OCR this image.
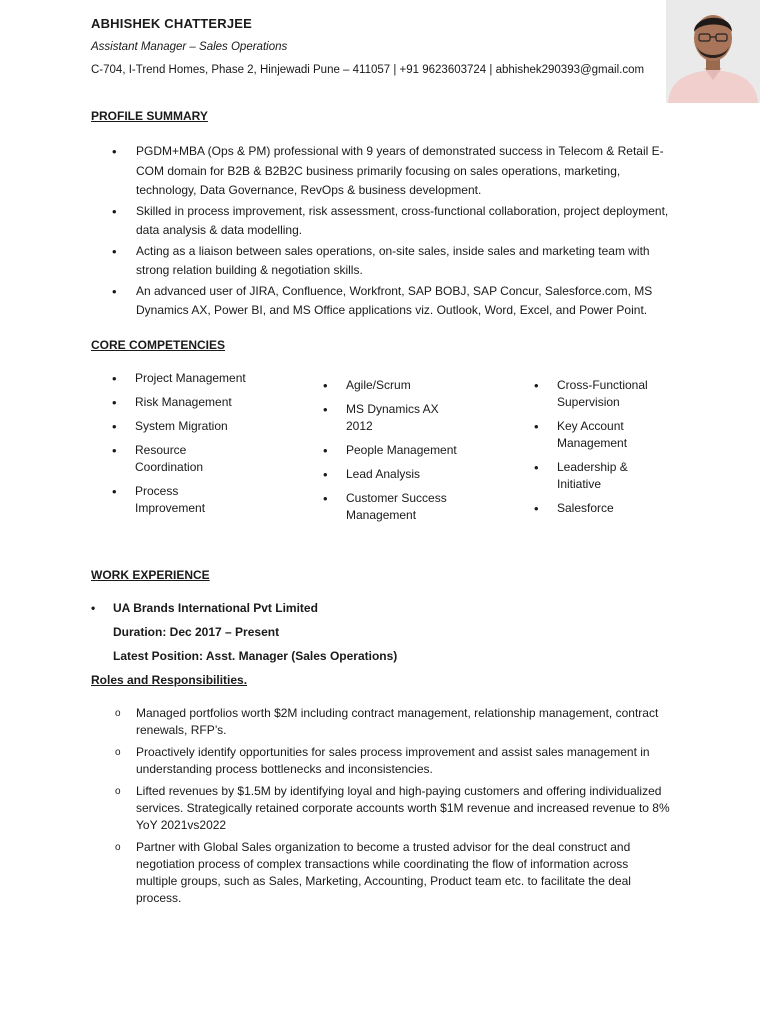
ABHISHEK CHATTERJEE
Assistant Manager – Sales Operations
C-704, I-Trend Homes, Phase 2, Hinjewadi Pune – 411057 | +91 9623603724 | abhishek290393@gmail.com
PROFILE SUMMARY
• PGDM+MBA (Ops & PM) professional with 9 years of demonstrated success in Telecom & Retail E-COM domain for B2B & B2B2C business primarily focusing on sales operations, marketing, technology, Data Governance, RevOps & business development.
• Skilled in process improvement, risk assessment, cross-functional collaboration, project deployment, data analysis & data modelling.
• Acting as a liaison between sales operations, on-site sales, inside sales and marketing team with strong relation building & negotiation skills.
• An advanced user of JIRA, Confluence, Workfront, SAP BOBJ, SAP Concur, Salesforce.com, MS Dynamics AX, Power BI, and MS Office applications viz. Outlook, Word, Excel, and Power Point.
CORE COMPETENCIES
• Project Management
• Risk Management
• System Migration
• Resource Coordination
• Process Improvement
• Agile/Scrum
• MS Dynamics AX 2012
• People Management
• Lead Analysis
• Customer Success Management
• Cross-Functional Supervision
• Key Account Management
• Leadership & Initiative
• Salesforce
WORK EXPERIENCE
• UA Brands International Pvt Limited
Duration: Dec 2017 – Present
Latest Position: Asst. Manager (Sales Operations)
Roles and Responsibilities.
o Managed portfolios worth $2M including contract management, relationship management, contract renewals, RFP’s.
o Proactively identify opportunities for sales process improvement and assist sales management in understanding process bottlenecks and inconsistencies.
o Lifted revenues by $1.5M by identifying loyal and high-paying customers and offering individualized services. Strategically retained corporate accounts worth $1M revenue and increased revenue to 8% YoY 2021vs2022
o Partner with Global Sales organization to become a trusted advisor for the deal construct and negotiation process of complex transactions while coordinating the flow of information across multiple groups, such as Sales, Marketing, Accounting, Product team etc. to facilitate the deal process.
